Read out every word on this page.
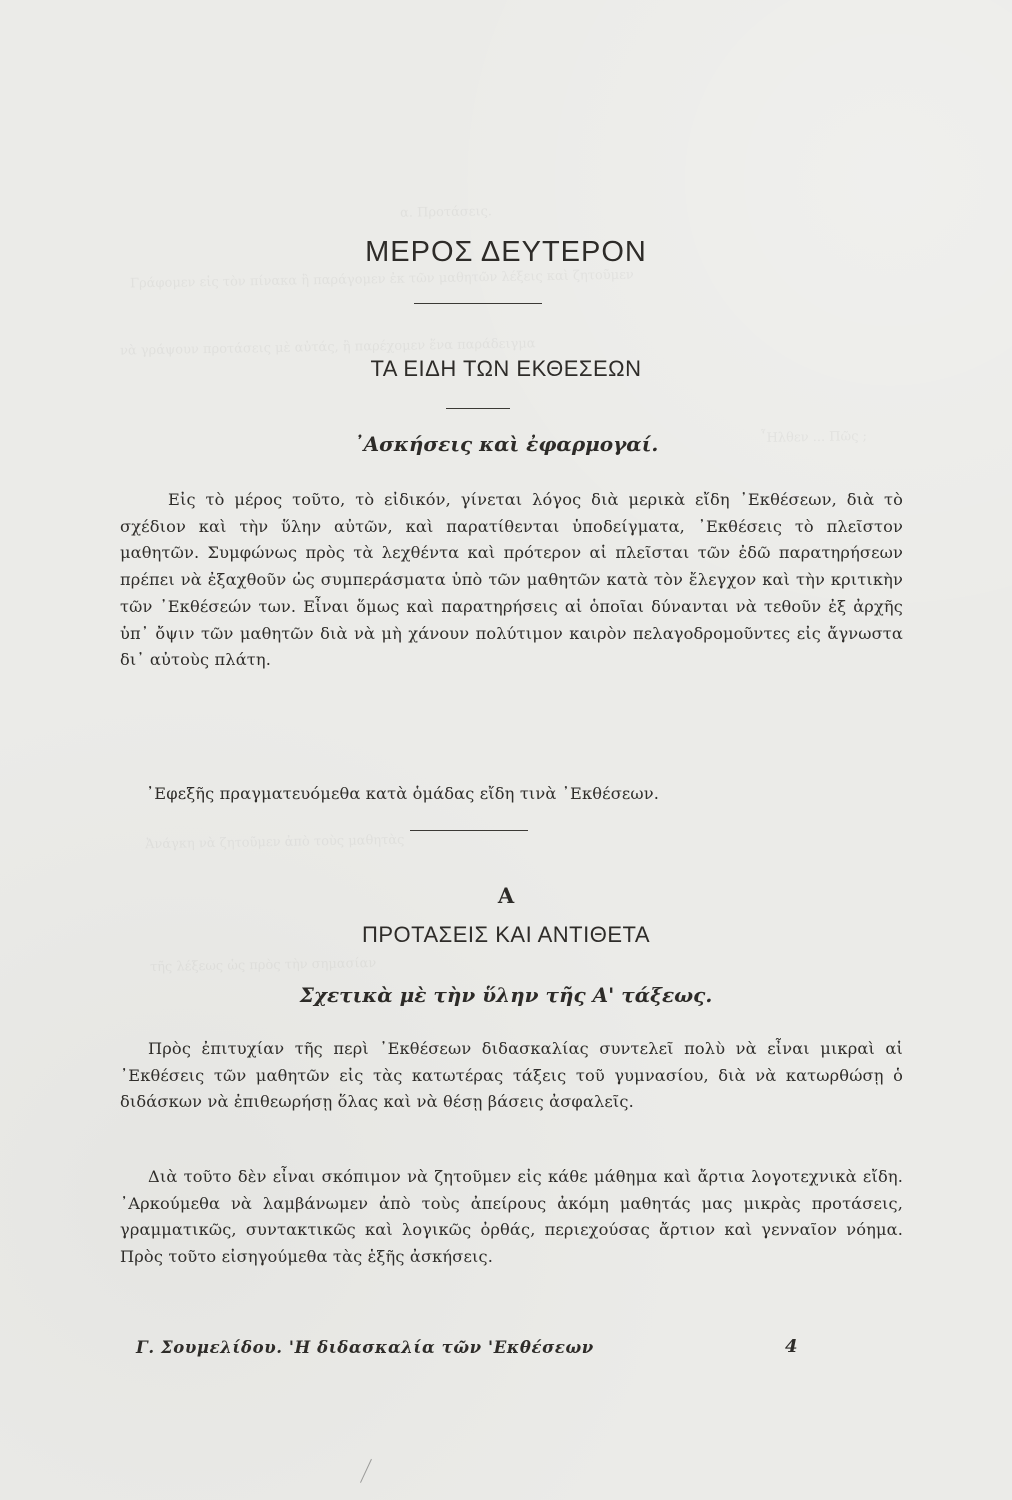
α. Προτάσεις.
Γράφομεν εἰς τὸν πίνακα ἢ παράγομεν ἐκ τῶν μαθητῶν λέξεις καὶ ζητοῦμεν
νὰ γράψουν προτάσεις μὲ αὐτάς, ἢ παρέχομεν ἕνα παράδειγμα
῏Ηλθεν ... Πῶς ;
Ἀνάγκη νὰ ζητοῦμεν ἀπὸ τοὺς μαθητὰς
τῆς λέξεως ὡς πρὸς τὴν σημασίαν
ΜΕΡΟΣ ΔΕΥΤΕΡΟΝ
ΤΑ ΕΙΔΗ ΤΩΝ ΕΚΘΕΣΕΩΝ
᾿Ασκήσεις καὶ ἐφαρμογαί.
Εἰς τὸ μέρος τοῦτο, τὸ εἰδικόν, γίνεται λόγος διὰ μερικὰ εἴδη ᾿Εκθέσεων, διὰ τὸ σχέδιον καὶ τὴν ὕλην αὐτῶν, καὶ παρατίθενται ὑποδείγματα, ᾿Εκθέσεις τὸ πλεῖστον μαθητῶν. Συμφώνως πρὸς τὰ λεχθέντα καὶ πρότερον αἱ πλεῖσται τῶν ἐδῶ παρατηρήσεων πρέπει νὰ ἐξαχθοῦν ὡς συμπεράσματα ὑπὸ τῶν μαθητῶν κατὰ τὸν ἔλεγχον καὶ τὴν κριτικὴν τῶν ᾿Εκθέσεών των. Εἶναι ὅμως καὶ παρατηρήσεις αἱ ὁποῖαι δύνανται νὰ τεθοῦν ἐξ ἀρχῆς ὑπ᾿ ὄψιν τῶν μαθητῶν διὰ νὰ μὴ χάνουν πολύτιμον καιρὸν πελαγοδρομοῦντες εἰς ἄγνωστα δι᾿ αὐτοὺς πλάτη.
᾿Εφεξῆς πραγματευόμεθα κατὰ ὁμάδας εἴδη τινὰ ᾿Εκθέσεων.
Α
ΠΡΟΤΑΣΕΙΣ ΚΑΙ ΑΝΤΙΘΕΤΑ
Σχετικὰ μὲ τὴν ὕλην τῆς Α' τάξεως.
Πρὸς ἐπιτυχίαν τῆς περὶ ᾿Εκθέσεων διδασκαλίας συντελεῖ πολὺ νὰ εἶναι μικραὶ αἱ ᾿Εκθέσεις τῶν μαθητῶν εἰς τὰς κατωτέρας τάξεις τοῦ γυμνασίου, διὰ νὰ κατωρθώσῃ ὁ διδάσκων νὰ ἐπιθεωρήσῃ ὅλας καὶ νὰ θέσῃ βάσεις ἀσφαλεῖς.
Διὰ τοῦτο δὲν εἶναι σκόπιμον νὰ ζητοῦμεν εἰς κάθε μάθημα καὶ ἄρτια λογοτεχνικὰ εἴδη. ᾿Αρκούμεθα νὰ λαμβάνωμεν ἀπὸ τοὺς ἀπείρους ἀκόμη μαθητάς μας μικρὰς προτάσεις, γραμματικῶς, συντακτικῶς καὶ λογικῶς ὀρθάς, περιεχούσας ἄρτιον καὶ γενναῖον νόημα. Πρὸς τοῦτο εἰσηγούμεθα τὰς ἑξῆς ἀσκήσεις.
Γ. Σουμελίδου. 'Η διδασκαλία τῶν 'Εκθέσεων	4
